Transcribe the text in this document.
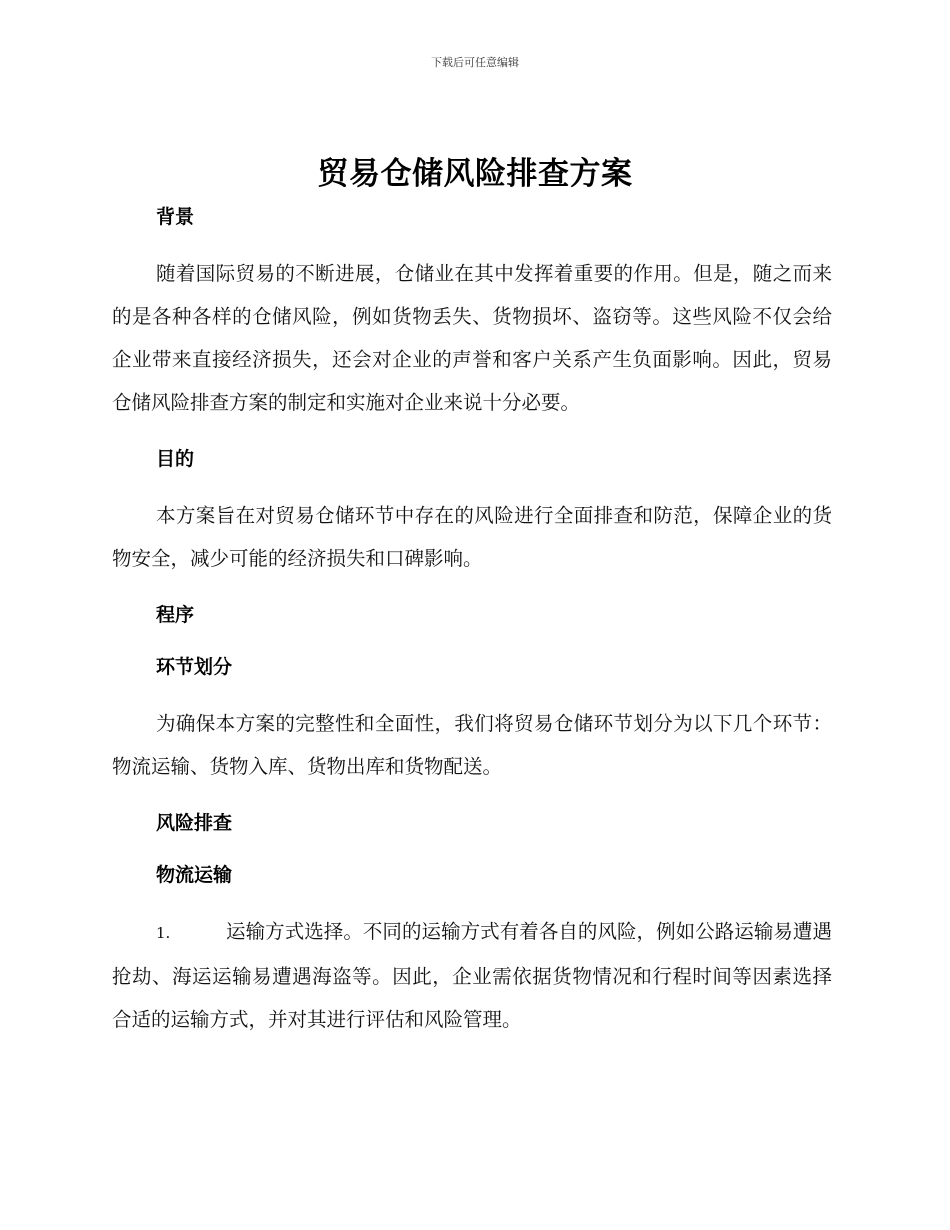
下载后可任意编辑
贸易仓储风险排查方案
背景

随着国际贸易的不断进展，仓储业在其中发挥着重要的作用。但是，随之而来的是各种各样的仓储风险，例如货物丢失、货物损坏、盗窃等。这些风险不仅会给企业带来直接经济损失，还会对企业的声誉和客户关系产生负面影响。因此，贸易仓储风险排查方案的制定和实施对企业来说十分必要。

目的

本方案旨在对贸易仓储环节中存在的风险进行全面排查和防范，保障企业的货物安全，减少可能的经济损失和口碑影响。

程序
环节划分

为确保本方案的完整性和全面性，我们将贸易仓储环节划分为以下几个环节：物流运输、货物入库、货物出库和货物配送。

风险排查
物流运输

1.	运输方式选择。不同的运输方式有着各自的风险，例如公路运输易遭遇抢劫、海运运输易遭遇海盗等。因此，企业需依据货物情况和行程时间等因素选择合适的运输方式，并对其进行评估和风险管理。
